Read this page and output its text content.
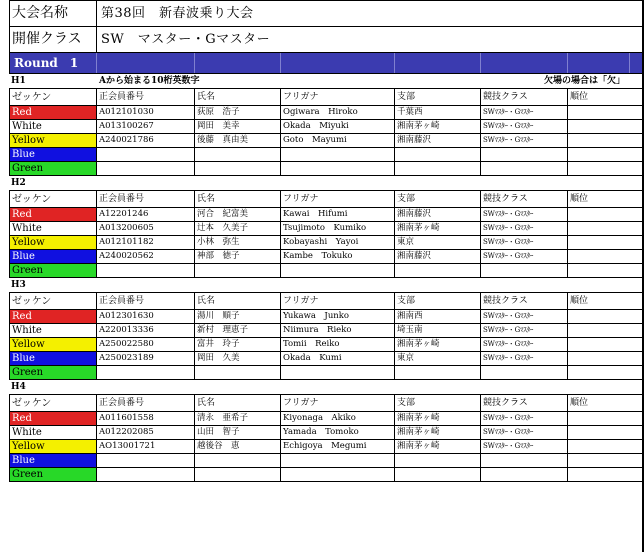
大会名称	第38回　新春波乗り大会
開催クラス	SW　マスター・Gマスター
Round　1
H1	Aから始まる10桁英数字	欠場の場合は「欠」
ゼッケン	正会員番号	氏名	フリガナ	支部	競技クラス	順位
Red	A012101030	荻原　浩子	Ogiwara　Hiroko	千葉西	SWﾏｽﾀｰ・Gﾏｽﾀｰ	
White	A013100267	岡田　美幸	Okada　Miyuki	湘南茅ヶ崎	SWﾏｽﾀｰ・Gﾏｽﾀｰ	
Yellow	A240021786	後藤　真由美	Goto　Mayumi	湘南藤沢	SWﾏｽﾀｰ・Gﾏｽﾀｰ	
Blue						
Green						
H2
ゼッケン	正会員番号	氏名	フリガナ	支部	競技クラス	順位
Red	A12201246	河合　紀富美	Kawai　Hifumi	湘南藤沢	SWﾏｽﾀｰ・Gﾏｽﾀｰ	
White	A013200605	辻本　久美子	Tsujimoto　Kumiko	湘南茅ヶ崎	SWﾏｽﾀｰ・Gﾏｽﾀｰ	
Yellow	A012101182	小林　弥生	Kobayashi　Yayoi	東京	SWﾏｽﾀｰ・Gﾏｽﾀｰ	
Blue	A240020562	神部　徳子	Kambe　Tokuko	湘南藤沢	SWﾏｽﾀｰ・Gﾏｽﾀｰ	
Green						
H3
ゼッケン	正会員番号	氏名	フリガナ	支部	競技クラス	順位
Red	A012301630	湯川　順子	Yukawa　Junko	湘南西	SWﾏｽﾀｰ・Gﾏｽﾀｰ	
White	A220013336	新村　理恵子	Niimura　Rieko	埼玉南	SWﾏｽﾀｰ・Gﾏｽﾀｰ	
Yellow	A250022580	富井　玲子	Tomii　Reiko	湘南茅ヶ崎	SWﾏｽﾀｰ・Gﾏｽﾀｰ	
Blue	A250023189	岡田　久美	Okada　Kumi	東京	SWﾏｽﾀｰ・Gﾏｽﾀｰ	
Green						
H4
ゼッケン	正会員番号	氏名	フリガナ	支部	競技クラス	順位
Red	A011601558	清永　亜希子	Kiyonaga　Akiko	湘南茅ヶ崎	SWﾏｽﾀｰ・Gﾏｽﾀｰ	
White	A012202085	山田　智子	Yamada　Tomoko	湘南茅ヶ崎	SWﾏｽﾀｰ・Gﾏｽﾀｰ	
Yellow	AO13001721	越後谷　恵	Echigoya　Megumi	湘南茅ヶ崎	SWﾏｽﾀｰ・Gﾏｽﾀｰ	
Blue						
Green						
